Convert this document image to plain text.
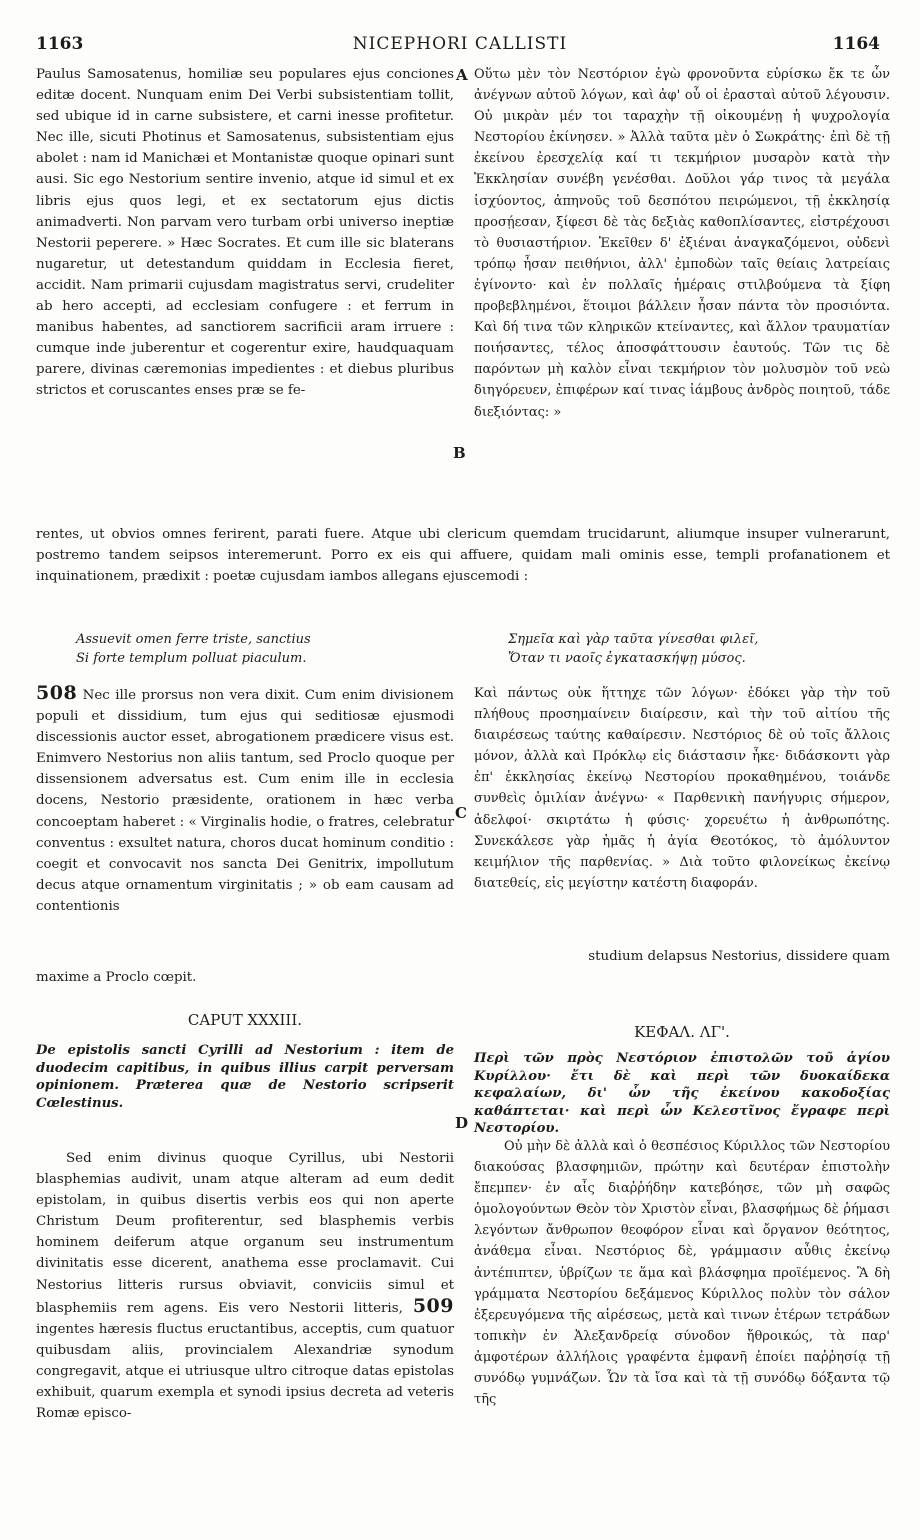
1163	NICEPHORI CALLISTI	1164

Paulus Samosatenus, homiliæ seu populares ejus conciones editæ docent. Nunquam enim Dei Verbi subsistentiam tollit, sed ubique id in carne subsistere, et carni inesse profitetur. Nec ille, sicuti Photinus et Samosatenus, subsistentiam ejus abolet : nam id Manichæi et Montanistæ quoque opinari sunt ausi. Sic ego Nestorium sentire invenio, atque id simul et ex libris ejus quos legi, et ex sectatorum ejus dictis animadverti. Non parvam vero turbam orbi universo ineptiæ Nestorii peperere. » Hæc Socrates. Et cum ille sic blaterans nugaretur, ut detestandum quiddam in Ecclesia fieret, accidit. Nam primarii cujusdam magistratus servi, crudeliter ab hero accepti, ad ecclesiam confugere : et ferrum in manibus habentes, ad sanctiorem sacrificii aram irruere : cumque inde juberentur et cogerentur exire, haudquaquam parere, divinas cæremonias impedientes : et diebus pluribus strictos et coruscantes enses præ se fe-

A Οὕτω μὲν τὸν Νεστόριον ἐγὼ φρονοῦντα εὑρίσκω ἔκ τε ὧν ἀνέγνων αὐτοῦ λόγων, καὶ ἀφ' οὗ οἱ ἐρασταὶ αὐτοῦ λέγουσιν. Οὐ μικρὰν μέν τοι ταραχὴν τῇ οἰκουμένῃ ἡ ψυχρολογία Νεστορίου ἐκίνησεν. » Ἀλλὰ ταῦτα μὲν ὁ Σωκράτης· ἐπὶ δὲ τῇ ἐκείνου ἐρεσχελίᾳ καί τι τεκμήριον μυσαρὸν κατὰ τὴν Ἐκκλησίαν συνέβη γενέσθαι. Δοῦλοι γάρ τινος τὰ μεγάλα ἰσχύοντος, ἀπηνοῦς τοῦ δεσπότου πειρώμενοι, τῇ ἐκκλησίᾳ προσῄεσαν, ξίφεσι δὲ τὰς δεξιὰς καθοπλίσαντες, εἰστρέχουσι τὸ θυσιαστήριον. Ἐκεῖθεν δ' ἐξιέναι ἀναγκαζόμενοι, οὐδενὶ τρόπῳ ἦσαν πειθήνιοι, ἀλλ' ἐμποδὼν ταῖς θείαις λατρείαις ἐγίνοντο· καὶ ἐν πολλαῖς ἡμέραις στιλβούμενα τὰ ξίφη προβεβλημένοι, ἕτοιμοι βάλλειν ἦσαν πάντα τὸν προσιόντα. Καὶ δή τινα τῶν κληρικῶν κτείναντες, καὶ ἄλλον τραυματίαν ποιήσαντες, τέλος ἀποσφάττουσιν ἑαυτούς. Τῶν τις δὲ παρόντων μὴ καλὸν εἶναι τεκμήριον τὸν μολυσμὸν τοῦ νεὼ διηγόρευεν, ἐπιφέρων καί τινας ἰάμβους ἀνδρὸς ποιητοῦ, τάδε διεξιόντας: »

B

rentes, ut obvios omnes ferirent, parati fuere. Atque ubi clericum quemdam trucidarunt, aliumque insuper vulnerarunt, postremo tandem seipsos interemerunt. Porro ex eis qui affuere, quidam mali ominis esse, templi profanationem et inquinationem, prædixit : poetæ cujusdam iambos allegans ejuscemodi :

Assuevit omen ferre triste, sanctius
Si forte templum polluat piaculum.
Σημεῖα καὶ γὰρ ταῦτα γίνεσθαι φιλεῖ,
Ὅταν τι ναοῖς ἐγκατασκήψῃ μύσος.

508 Nec ille prorsus non vera dixit. Cum enim divisionem populi et dissidium, tum ejus qui seditiosæ ejusmodi discessionis auctor esset, abrogationem prædicere visus est. Enimvero Nestorius non aliis tantum, sed Proclo quoque per dissensionem adversatus est. Cum enim ille in ecclesia docens, Nestorio præsidente, orationem in hæc verba concoeptam haberet : « Virginalis hodie, o fratres, celebratur conventus : exsultet natura, choros ducat hominum conditio : coegit et convocavit nos sancta Dei Genitrix, impollutum decus atque ornamentum virginitatis ; » ob eam causam ad contentionis

Καὶ πάντως οὐκ ἥττηχε τῶν λόγων· ἐδόκει γὰρ τὴν τοῦ πλήθους προσημαίνειν διαίρεσιν, καὶ τὴν τοῦ αἰτίου τῆς διαιρέσεως ταύτης καθαίρεσιν. Νεστόριος δὲ οὐ τοῖς ἄλλοις μόνον, ἀλλὰ καὶ Πρόκλῳ εἰς διάστασιν ἧκε· διδάσκοντι γὰρ ἐπ' ἐκκλησίας ἐκείνῳ Νεστορίου προκαθημένου, τοιάνδε συνθεὶς ὁμιλίαν ἀνέγνω· « Παρθενικὴ πανήγυρις σήμερον, ἀδελφοί· σκιρτάτω ἡ φύσις· χορευέτω ἡ ἀνθρωπότης. Συνεκάλεσε γὰρ ἡμᾶς ἡ ἁγία Θεοτόκος, τὸ ἀμόλυντον κειμήλιον τῆς παρθενίας. » Διὰ τοῦτο φιλονείκως ἐκείνῳ διατεθείς, εἰς μεγίστην κατέστη διαφοράν.

C
studium delapsus Nestorius, dissidere quam
maxime a Proclo cœpit.
CAPUT XXXIII.
ΚΕΦΑΛ. ΛΓ'.

De epistolis sancti Cyrilli ad Nestorium : item de duodecim capitibus, in quibus illius carpit perversam opinionem. Præterea quæ de Nestorio scripserit Cœlestinus.

Περὶ τῶν πρὸς Νεστόριον ἐπιστολῶν τοῦ ἁγίου Κυρίλλου· ἔτι δὲ καὶ περὶ τῶν δυοκαίδεκα κεφαλαίων, δι' ὧν τῆς ἐκείνου κακοδοξίας καθάπτεται· καὶ περὶ ὧν Κελεστῖνος ἔγραφε περὶ Νεστορίου.

D

Sed enim divinus quoque Cyrillus, ubi Nestorii blasphemias audivit, unam atque alteram ad eum dedit epistolam, in quibus disertis verbis eos qui non aperte Christum Deum profiterentur, sed blasphemis verbis hominem deiferum atque organum seu instrumentum divinitatis esse dicerent, anathema esse proclamavit. Cui Nestorius litteris rursus obviavit, conviciis simul et blasphemiis rem agens. Eis vero Nestorii litteris, 509 ingentes hæresis fluctus eructantibus, acceptis, cum quatuor quibusdam aliis, provincialem Alexandriæ synodum congregavit, atque ei utriusque ultro citroque datas epistolas exhibuit, quarum exempla et synodi ipsius decreta ad veteris Romæ episco-

Οὐ μὴν δὲ ἀλλὰ καὶ ὁ θεσπέσιος Κύριλλος τῶν Νεστορίου διακούσας βλασφημιῶν, πρώτην καὶ δευτέραν ἐπιστολὴν ἔπεμπεν· ἐν αἷς διαῤῥήδην κατεβόησε, τῶν μὴ σαφῶς ὁμολογούντων Θεὸν τὸν Χριστὸν εἶναι, βλασφήμως δὲ ῥήμασι λεγόντων ἄνθρωπον θεοφόρον εἶναι καὶ ὄργανον θεότητος, ἀνάθεμα εἶναι. Νεστόριος δὲ, γράμμασιν αὖθις ἐκείνῳ ἀντέπιπτεν, ὑβρίζων τε ἅμα καὶ βλάσφημα προϊέμενος. Ἃ δὴ γράμματα Νεστορίου δεξάμενος Κύριλλος πολὺν τὸν σάλον ἐξερευγόμενα τῆς αἱρέσεως, μετὰ καὶ τινων ἑτέρων τετράδων τοπικὴν ἐν Ἀλεξανδρείᾳ σύνοδον ἤθροικώς, τὰ παρ' ἀμφοτέρων ἀλλήλοις γραφέντα ἐμφανῆ ἐποίει παῤῥησίᾳ τῇ συνόδῳ γυμνάζων. Ὧν τὰ ἴσα καὶ τὰ τῇ συνόδῳ δόξαντα τῷ τῆς
